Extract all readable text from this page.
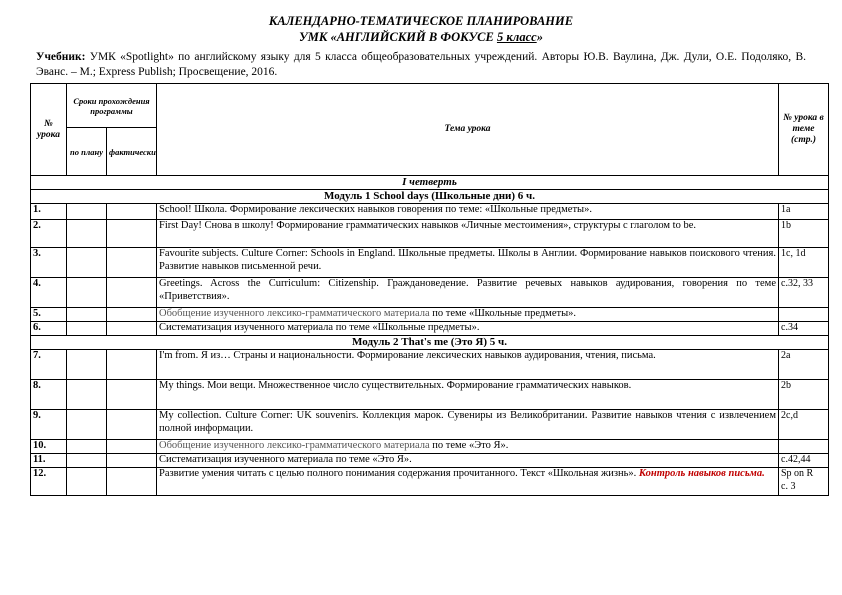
КАЛЕНДАРНО-ТЕМАТИЧЕСКОЕ ПЛАНИРОВАНИЕ
УМК «АНГЛИЙСКИЙ В ФОКУСЕ 5 класс»
Учебник: УМК «Spotlight» по английскому языку для 5 класса общеобразовательных учреждений. Авторы Ю.В. Ваулина, Дж. Дули, О.Е. Подоляко, В. Эванс. – М.; Express Publish; Просвещение, 2016.
№ урока	Сроки прохождения программы		Тема урока	№ урока в теме (стр.)
	по плану	фактически		
I четверть				
Модуль 1 School days (Школьные дни) 6 ч.				
1.			School! Школа. Формирование лексических навыков говорения по теме: «Школьные предметы».	1a
2.			First Day! Снова в школу! Формирование грамматических навыков «Личные местоимения», структуры с глаголом to be.	1b
3.			Favourite subjects. Culture Corner: Schools in England. Школьные предметы. Школы в Англии. Формирование навыков поискового чтения. Развитие навыков письменной речи.	1c, 1d
4.			Greetings. Across the Curriculum: Citizenship. Граждановедение. Развитие речевых навыков аудирования, говорения по теме «Приветствия».	с.32, 33
5.			Обобщение изученного лексико-грамматического материала по теме «Школьные предметы».	
6.			Систематизация изученного материала по теме «Школьные предметы».	с.34
Модуль 2 That's me (Это Я) 5 ч.				
7.			I'm from. Я из… Страны и национальности. Формирование лексических навыков аудирования, чтения, письма.	2a
8.			My things. Мои вещи. Множественное число существительных. Формирование грамматических навыков.	2b
9.			My collection. Culture Corner: UK souvenirs. Коллекция марок. Сувениры из Великобритании. Развитие навыков чтения с извлечением полной информации.	2c,d
10.			Обобщение изученного лексико-грамматического материала по теме «Это Я».	
11.			Систематизация изученного материала по теме «Это Я».	с.42,44
12.			Развитие умения читать с целью полного понимания содержания прочитанного. Текст «Школьная жизнь». Контроль навыков письма.	Sp on R
с. 3
